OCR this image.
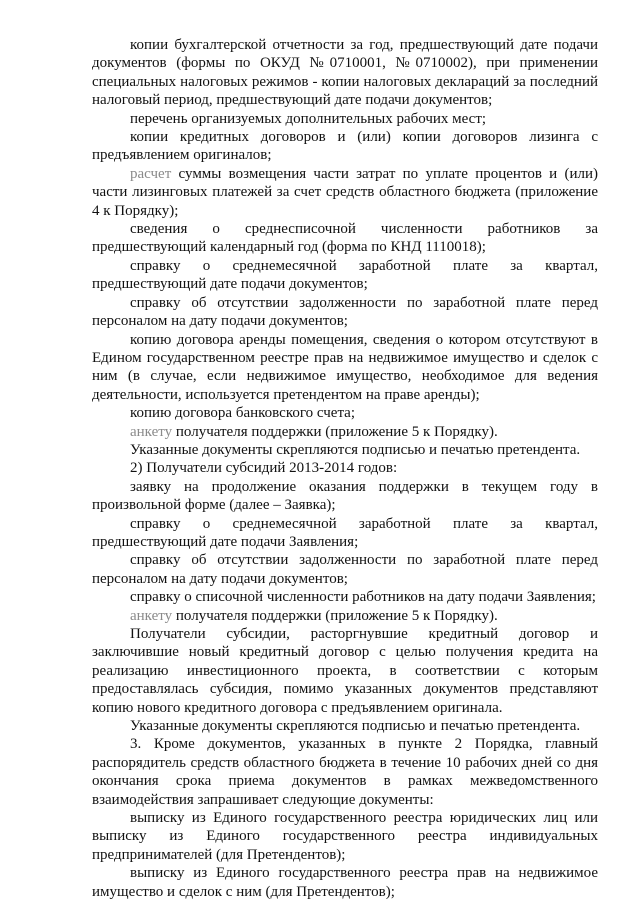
копии бухгалтерской отчетности за год, предшествующий дате подачи документов (формы по ОКУД №0710001, №0710002), при применении специальных налоговых режимов - копии налоговых деклараций за последний налоговый период, предшествующий дате подачи документов;

перечень организуемых дополнительных рабочих мест;

копии кредитных договоров и (или) копии договоров лизинга с предъявлением оригиналов;

расчет суммы возмещения части затрат по уплате процентов и (или) части лизинговых платежей за счет средств областного бюджета (приложение 4 к Порядку);

сведения о среднесписочной численности работников за предшествующий календарный год (форма по КНД 1110018);

справку о среднемесячной заработной плате за квартал, предшествующий дате подачи документов;

справку об отсутствии задолженности по заработной плате перед персоналом на дату подачи документов;

копию договора аренды помещения, сведения о котором отсутствуют в Едином государственном реестре прав на недвижимое имущество и сделок с ним (в случае, если недвижимое имущество, необходимое для ведения деятельности, используется претендентом на праве аренды);

копию договора банковского счета;

анкету получателя поддержки (приложение 5 к Порядку).

Указанные документы скрепляются подписью и печатью претендента.

2) Получатели субсидий 2013-2014 годов:

заявку на продолжение оказания поддержки в текущем году в произвольной форме (далее – Заявка);

справку о среднемесячной заработной плате за квартал, предшествующий дате подачи Заявления;

справку об отсутствии задолженности по заработной плате перед персоналом на дату подачи документов;

справку о списочной численности работников на дату подачи Заявления;

анкету получателя поддержки (приложение 5 к Порядку).

Получатели субсидии, расторгнувшие кредитный договор и заключившие новый кредитный договор с целью получения кредита на реализацию инвестиционного проекта, в соответствии с которым предоставлялась субсидия, помимо указанных документов представляют копию нового кредитного договора с предъявлением оригинала.

Указанные документы скрепляются подписью и печатью претендента.

3. Кроме документов, указанных в пункте 2 Порядка, главный распорядитель средств областного бюджета в течение 10 рабочих дней со дня окончания срока приема документов в рамках межведомственного взаимодействия запрашивает следующие документы:

выписку из Единого государственного реестра юридических лиц или выписку из Единого государственного реестра индивидуальных предпринимателей (для Претендентов);

выписку из Единого государственного реестра прав на недвижимое имущество и сделок с ним (для Претендентов);
